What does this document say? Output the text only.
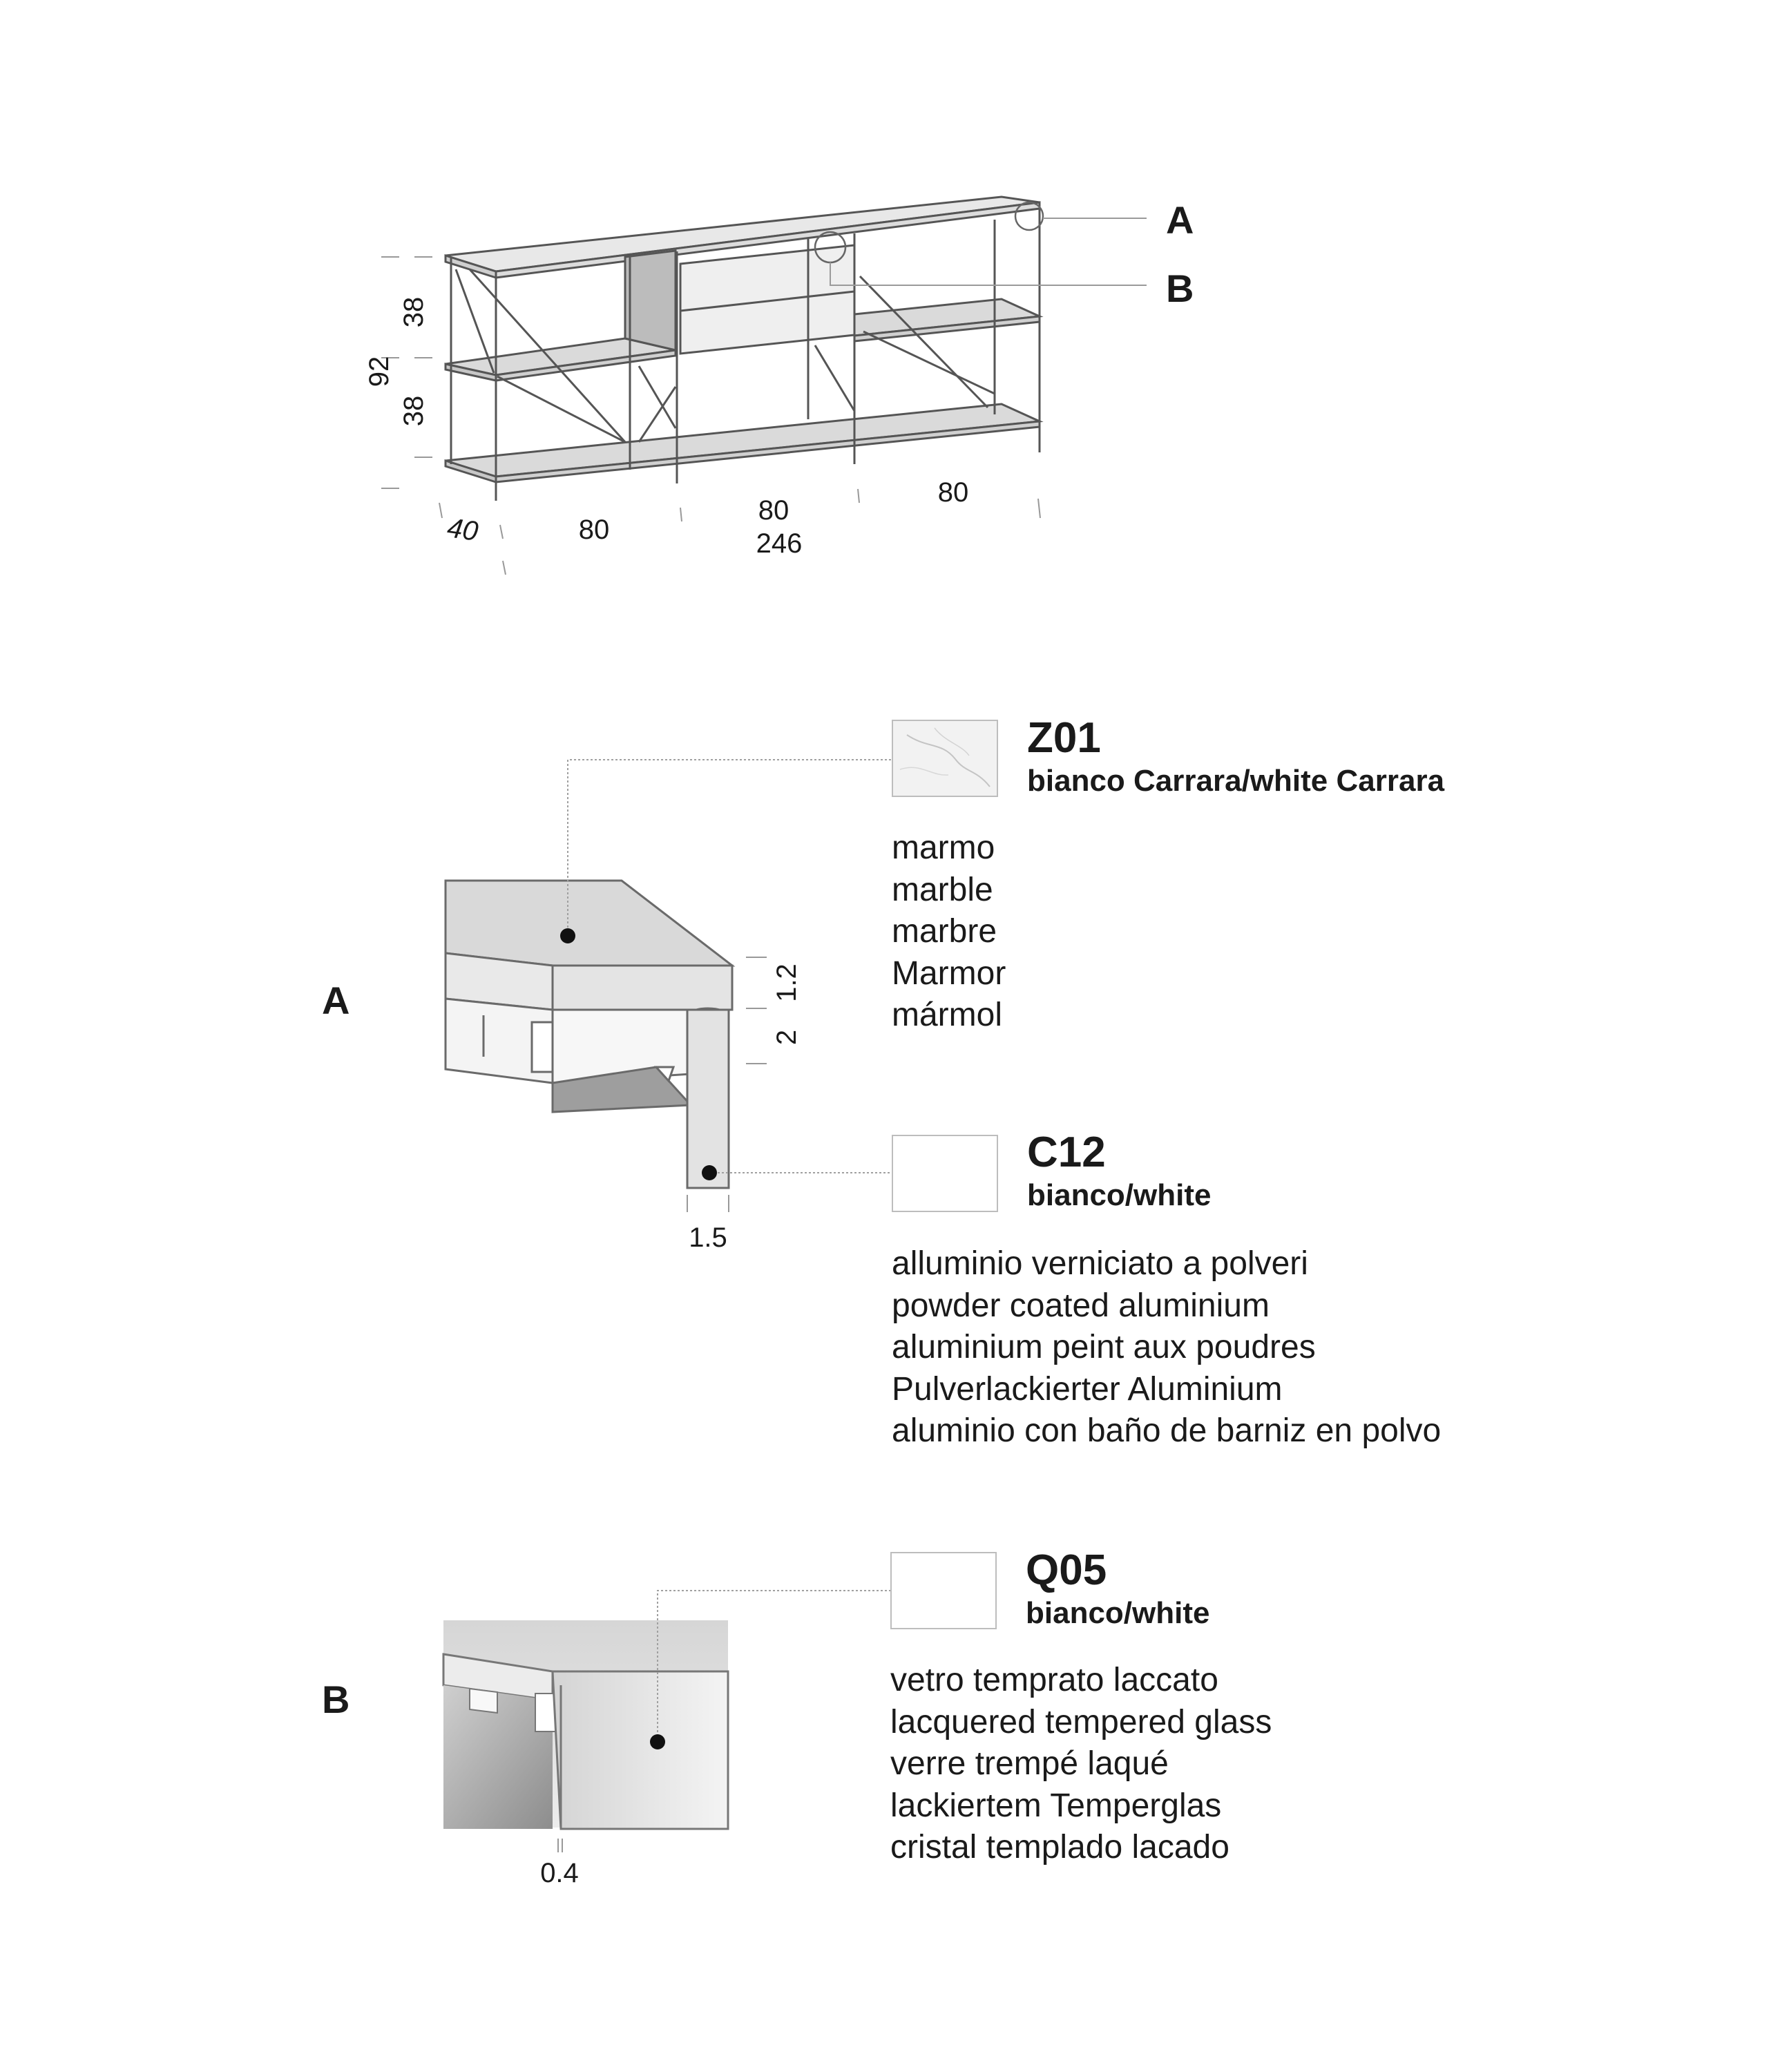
A
B
38
92
38
40	80
80
80
246
A	1.2
2
1.5
B
0.4
Z01
bianco Carrara/white Carrara
marmo
marble
marbre
Marmor
mármol
C12
bianco/white
alluminio verniciato a polveri
powder coated aluminium
aluminium peint aux poudres
Pulverlackierter Aluminium
aluminio con baño de barniz en polvo
Q05
bianco/white
vetro temprato laccato
lacquered tempered glass
verre trempé laqué
lackiertem Temperglas
cristal templado lacado
